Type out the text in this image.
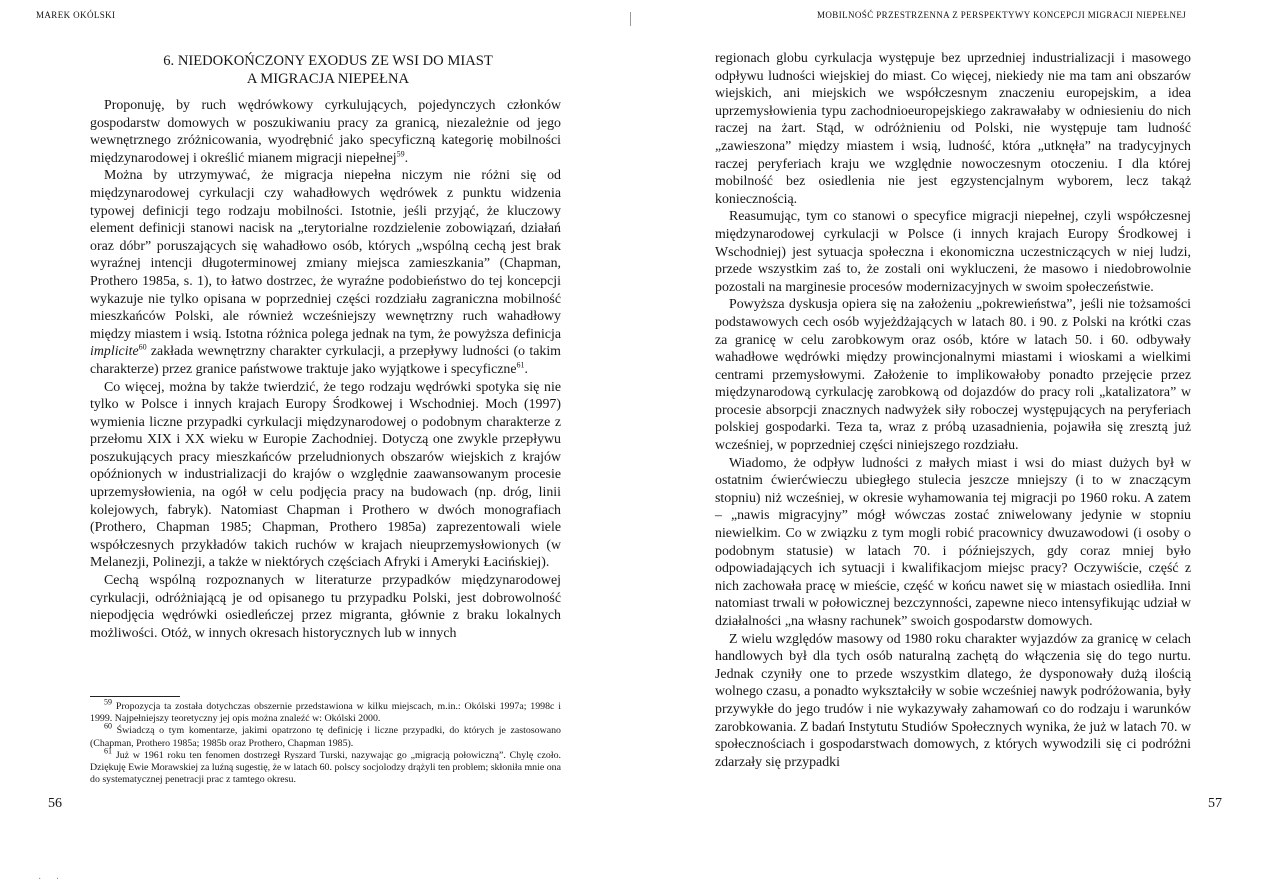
MAREK OKÓLSKI
6. NIEDOKOŃCZONY EXODUS ZE WSI DO MIAST
A MIGRACJA NIEPEŁNA

Proponuję, by ruch wędrówkowy cyrkulujących, pojedynczych członków gospodarstw domowych w poszukiwaniu pracy za granicą, niezależnie od jego wewnętrznego zróżnicowania, wyodrębnić jako specyficzną kategorię mobilności międzynarodowej i określić mianem migracji niepełnej$^{59}$.

Można by utrzymywać, że migracja niepełna niczym nie różni się od międzynarodowej cyrkulacji czy wahadłowych wędrówek z punktu widzenia typowej definicji tego rodzaju mobilności. Istotnie, jeśli przyjąć, że kluczowy element definicji stanowi nacisk na „terytorialne rozdzielenie zobowiązań, działań oraz dóbr” poruszających się wahadłowo osób, których „wspólną cechą jest brak wyraźnej intencji długoterminowej zmiany miejsca zamieszkania” (Chapman, Prothero 1985a, s. 1), to łatwo dostrzec, że wyraźne podobieństwo do tej koncepcji wykazuje nie tylko opisana w poprzedniej części rozdziału zagraniczna mobilność mieszkańców Polski, ale również wcześniejszy wewnętrzny ruch wahadłowy między miastem i wsią. Istotna różnica polega jednak na tym, że powyższa definicja implicite$^{60}$ zakłada wewnętrzny charakter cyrkulacji, a przepływy ludności (o takim charakterze) przez granice państwowe traktuje jako wyjątkowe i specyficzne$^{61}$.

Co więcej, można by także twierdzić, że tego rodzaju wędrówki spotyka się nie tylko w Polsce i innych krajach Europy Środkowej i Wschodniej. Moch (1997) wymienia liczne przypadki cyrkulacji międzynarodowej o podobnym charakterze z przełomu XIX i XX wieku w Europie Zachodniej. Dotyczą one zwykle przepływu poszukujących pracy mieszkańców przeludnionych obszarów wiejskich z krajów opóźnionych w industrializacji do krajów o względnie zaawansowanym procesie uprzemysłowienia, na ogół w celu podjęcia pracy na budowach (np. dróg, linii kolejowych, fabryk). Natomiast Chapman i Prothero w dwóch monografiach (Prothero, Chapman 1985; Chapman, Prothero 1985a) zaprezentowali wiele współczesnych przykładów takich ruchów w krajach nieuprzemysłowionych (w Melanezji, Polinezji, a także w niektórych częściach Afryki i Ameryki Łacińskiej).

Cechą wspólną rozpoznanych w literaturze przypadków międzynarodowej cyrkulacji, odróżniającą je od opisanego tu przypadku Polski, jest dobrowolność niepodjęcia wędrówki osiedleńczej przez migranta, głównie z braku lokalnych możliwości. Otóż, w innych okresach historycznych lub w innych

$^{59}$ Propozycja ta została dotychczas obszernie przedstawiona w kilku miejscach, m.in.: Okólski 1997a; 1998c i 1999. Najpełniejszy teoretyczny jej opis można znaleźć w: Okólski 2000.

$^{60}$ Świadczą o tym komentarze, jakimi opatrzono tę definicję i liczne przypadki, do których je zastosowano (Chapman, Prothero 1985a; 1985b oraz Prothero, Chapman 1985).

$^{61}$ Już w 1961 roku ten fenomen dostrzegł Ryszard Turski, nazywając go „migracją połowiczną”. Chylę czoło. Dziękuję Ewie Morawskiej za luźną sugestię, że w latach 60. polscy socjolodzy drążyli ten problem; skłoniła mnie ona do systematycznej penetracji prac z tamtego okresu.

56
· ·
MOBILNOŚĆ PRZESTRZENNA Z PERSPEKTYWY KONCEPCJI MIGRACJI NIEPEŁNEJ

regionach globu cyrkulacja występuje bez uprzedniej industrializacji i masowego odpływu ludności wiejskiej do miast. Co więcej, niekiedy nie ma tam ani obszarów wiejskich, ani miejskich we współczesnym znaczeniu europejskim, a idea uprzemysłowienia typu zachodnioeuropejskiego zakrawałaby w odniesieniu do nich raczej na żart. Stąd, w odróżnieniu od Polski, nie występuje tam ludność „zawieszona” między miastem i wsią, ludność, która „utknęła” na tradycyjnych raczej peryferiach kraju we względnie nowoczesnym otoczeniu. I dla której mobilność bez osiedlenia nie jest egzystencjalnym wyborem, lecz takąż koniecznością.

Reasumując, tym co stanowi o specyfice migracji niepełnej, czyli współczesnej międzynarodowej cyrkulacji w Polsce (i innych krajach Europy Środkowej i Wschodniej) jest sytuacja społeczna i ekonomiczna uczestniczących w niej ludzi, przede wszystkim zaś to, że zostali oni wykluczeni, że masowo i niedobrowolnie pozostali na marginesie procesów modernizacyjnych w swoim społeczeństwie.

Powyższa dyskusja opiera się na założeniu „pokrewieństwa”, jeśli nie tożsamości podstawowych cech osób wyjeżdżających w latach 80. i 90. z Polski na krótki czas za granicę w celu zarobkowym oraz osób, które w latach 50. i 60. odbywały wahadłowe wędrówki między prowincjonalnymi miastami i wioskami a wielkimi centrami przemysłowymi. Założenie to implikowałoby ponadto przejęcie przez międzynarodową cyrkulację zarobkową od dojazdów do pracy roli „katalizatora” w procesie absorpcji znacznych nadwyżek siły roboczej występujących na peryferiach polskiej gospodarki. Teza ta, wraz z próbą uzasadnienia, pojawiła się zresztą już wcześniej, w poprzedniej części niniejszego rozdziału.

Wiadomo, że odpływ ludności z małych miast i wsi do miast dużych był w ostatnim ćwierćwieczu ubiegłego stulecia jeszcze mniejszy (i to w znaczącym stopniu) niż wcześniej, w okresie wyhamowania tej migracji po 1960 roku. A zatem – „nawis migracyjny” mógł wówczas zostać zniwelowany jedynie w stopniu niewielkim. Co w związku z tym mogli robić pracownicy dwuzawodowi (i osoby o podobnym statusie) w latach 70. i późniejszych, gdy coraz mniej było odpowiadających ich sytuacji i kwalifikacjom miejsc pracy? Oczywiście, część z nich zachowała pracę w mieście, część w końcu nawet się w miastach osiedliła. Inni natomiast trwali w połowicznej bezczynności, zapewne nieco intensyfikując udział w działalności „na własny rachunek” swoich gospodarstw domowych.

Z wielu względów masowy od 1980 roku charakter wyjazdów za granicę w celach handlowych był dla tych osób naturalną zachętą do włączenia się do tego nurtu. Jednak czyniły one to przede wszystkim dlatego, że dysponowały dużą ilością wolnego czasu, a ponadto wykształciły w sobie wcześniej nawyk podróżowania, były przywykłe do jego trudów i nie wykazywały zahamowań co do rodzaju i warunków zarobkowania. Z badań Instytutu Studiów Społecznych wynika, że już w latach 70. w społecznościach i gospodarstwach domowych, z których wywodzili się ci podróżni zdarzały się przypadki

57
